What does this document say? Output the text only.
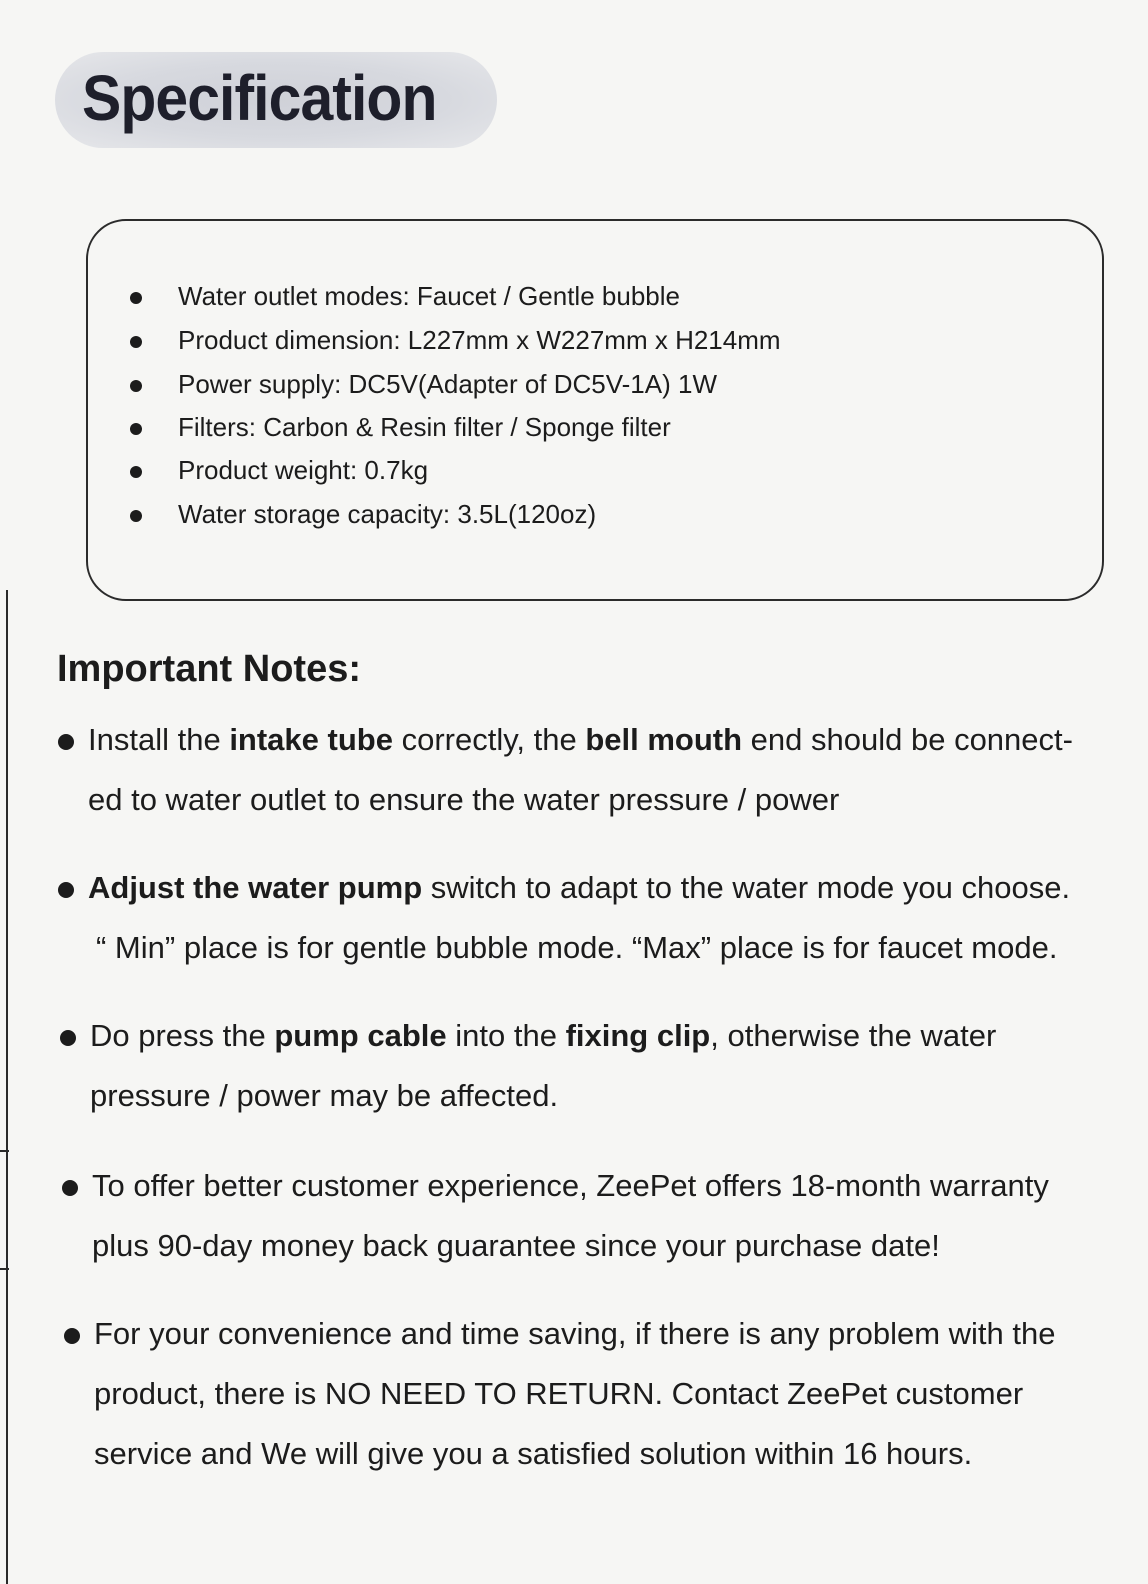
Specification
Water outlet modes: Faucet / Gentle bubble
Product dimension: L227mm x W227mm x H214mm
Power supply: DC5V(Adapter of DC5V-1A) 1W
Filters: Carbon & Resin filter / Sponge filter
Product weight: 0.7kg
Water storage capacity: 3.5L(120oz)
Important Notes:
Install the intake tube correctly, the bell mouth end should be connect-
ed to water outlet to ensure the water pressure / power
Adjust the water pump switch to adapt to the water mode you choose.
“ Min” place is for gentle bubble mode. “Max” place is for faucet mode.
Do press the pump cable into the fixing clip, otherwise the water
pressure / power may be affected.
To offer better customer experience, ZeePet offers 18-month warranty
plus 90-day money back guarantee since your purchase date!
For your convenience and time saving, if there is any problem with the
product, there is NO NEED TO RETURN. Contact ZeePet customer
service and We will give you a satisfied solution within 16 hours.
